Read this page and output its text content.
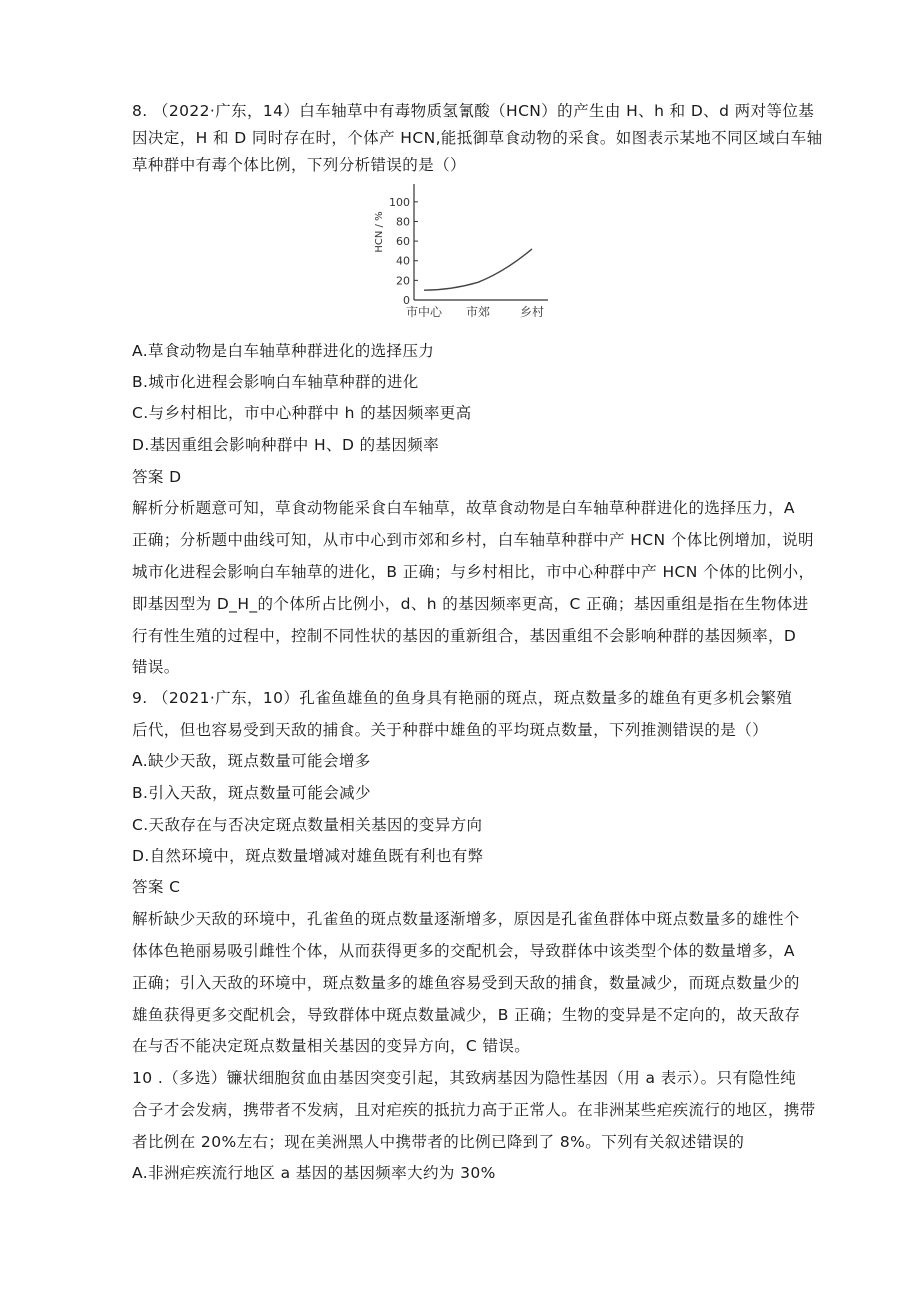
8. （2022·广东，14）白车轴草中有毒物质氢氰酸（HCN）的产生由 H、h 和 D、d 两对等位基
因决定，H 和 D 同时存在时，个体产 HCN,能抵御草食动物的采食。如图表示某地不同区域白车轴
草种群中有毒个体比例，下列分析错误的是（）
HCN / %
0
20
40
60
80
100
市中心 市郊 乡村
A.草食动物是白车轴草种群进化的选择压力
B.城市化进程会影响白车轴草种群的进化
C.与乡村相比，市中心种群中 h 的基因频率更高
D.基因重组会影响种群中 H、D 的基因频率
答案 D
解析分析题意可知，草食动物能采食白车轴草，故草食动物是白车轴草种群进化的选择压力，A
正确；分析题中曲线可知，从市中心到市郊和乡村，白车轴草种群中产 HCN 个体比例增加，说明
城市化进程会影响白车轴草的进化，B 正确；与乡村相比，市中心种群中产 HCN 个体的比例小，
即基因型为 D_H_的个体所占比例小，d、h 的基因频率更高，C 正确；基因重组是指在生物体进
行有性生殖的过程中，控制不同性状的基因的重新组合，基因重组不会影响种群的基因频率，D
错误。
9. （2021·广东，10）孔雀鱼雄鱼的鱼身具有艳丽的斑点，斑点数量多的雄鱼有更多机会繁殖
后代，但也容易受到天敌的捕食。关于种群中雄鱼的平均斑点数量，下列推测错误的是（）
A.缺少天敌，斑点数量可能会增多
B.引入天敌，斑点数量可能会减少
C.天敌存在与否决定斑点数量相关基因的变异方向
D.自然环境中，斑点数量增减对雄鱼既有利也有弊
答案 C
解析缺少天敌的环境中，孔雀鱼的斑点数量逐渐增多，原因是孔雀鱼群体中斑点数量多的雄性个
体体色艳丽易吸引雌性个体，从而获得更多的交配机会，导致群体中该类型个体的数量增多，A
正确；引入天敌的环境中，斑点数量多的雄鱼容易受到天敌的捕食，数量减少，而斑点数量少的
雄鱼获得更多交配机会，导致群体中斑点数量减少，B 正确；生物的变异是不定向的，故天敌存
在与否不能决定斑点数量相关基因的变异方向，C 错误。
10 .（多选）镰状细胞贫血由基因突变引起，其致病基因为隐性基因（用 a 表示）。只有隐性纯
合子才会发病，携带者不发病，且对疟疾的抵抗力高于正常人。在非洲某些疟疾流行的地区，携带
者比例在 20%左右；现在美洲黑人中携带者的比例已降到了 8%。下列有关叙述错误的
A.非洲疟疾流行地区 a 基因的基因频率大约为 30%
